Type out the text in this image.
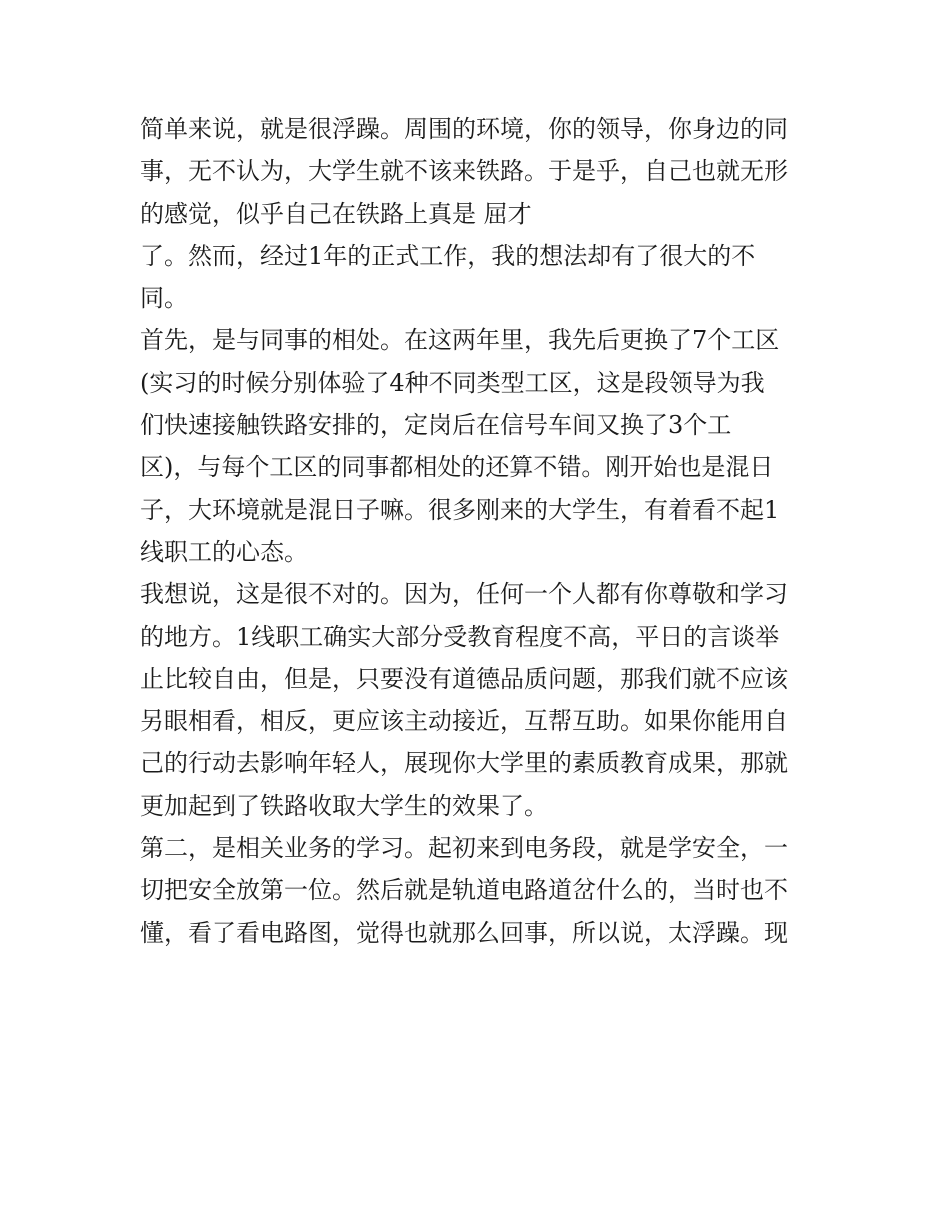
简单来说，就是很浮躁。周围的环境，你的领导，你身边的同
事，无不认为，大学生就不该来铁路。于是乎，自己也就无形
的感觉，似乎自己在铁路上真是 屈才
了。然而，经过1年的正式工作，我的想法却有了很大的不
同。
首先，是与同事的相处。在这两年里，我先后更换了7个工区
(实习的时候分别体验了4种不同类型工区，这是段领导为我
们快速接触铁路安排的，定岗后在信号车间又换了3个工
区)，与每个工区的同事都相处的还算不错。刚开始也是混日
子，大环境就是混日子嘛。很多刚来的大学生，有着看不起1
线职工的心态。
我想说，这是很不对的。因为，任何一个人都有你尊敬和学习
的地方。1线职工确实大部分受教育程度不高，平日的言谈举
止比较自由，但是，只要没有道德品质问题，那我们就不应该
另眼相看，相反，更应该主动接近，互帮互助。如果你能用自
己的行动去影响年轻人，展现你大学里的素质教育成果，那就
更加起到了铁路收取大学生的效果了。
第二，是相关业务的学习。起初来到电务段，就是学安全，一
切把安全放第一位。然后就是轨道电路道岔什么的，当时也不
懂，看了看电路图，觉得也就那么回事，所以说，太浮躁。现
